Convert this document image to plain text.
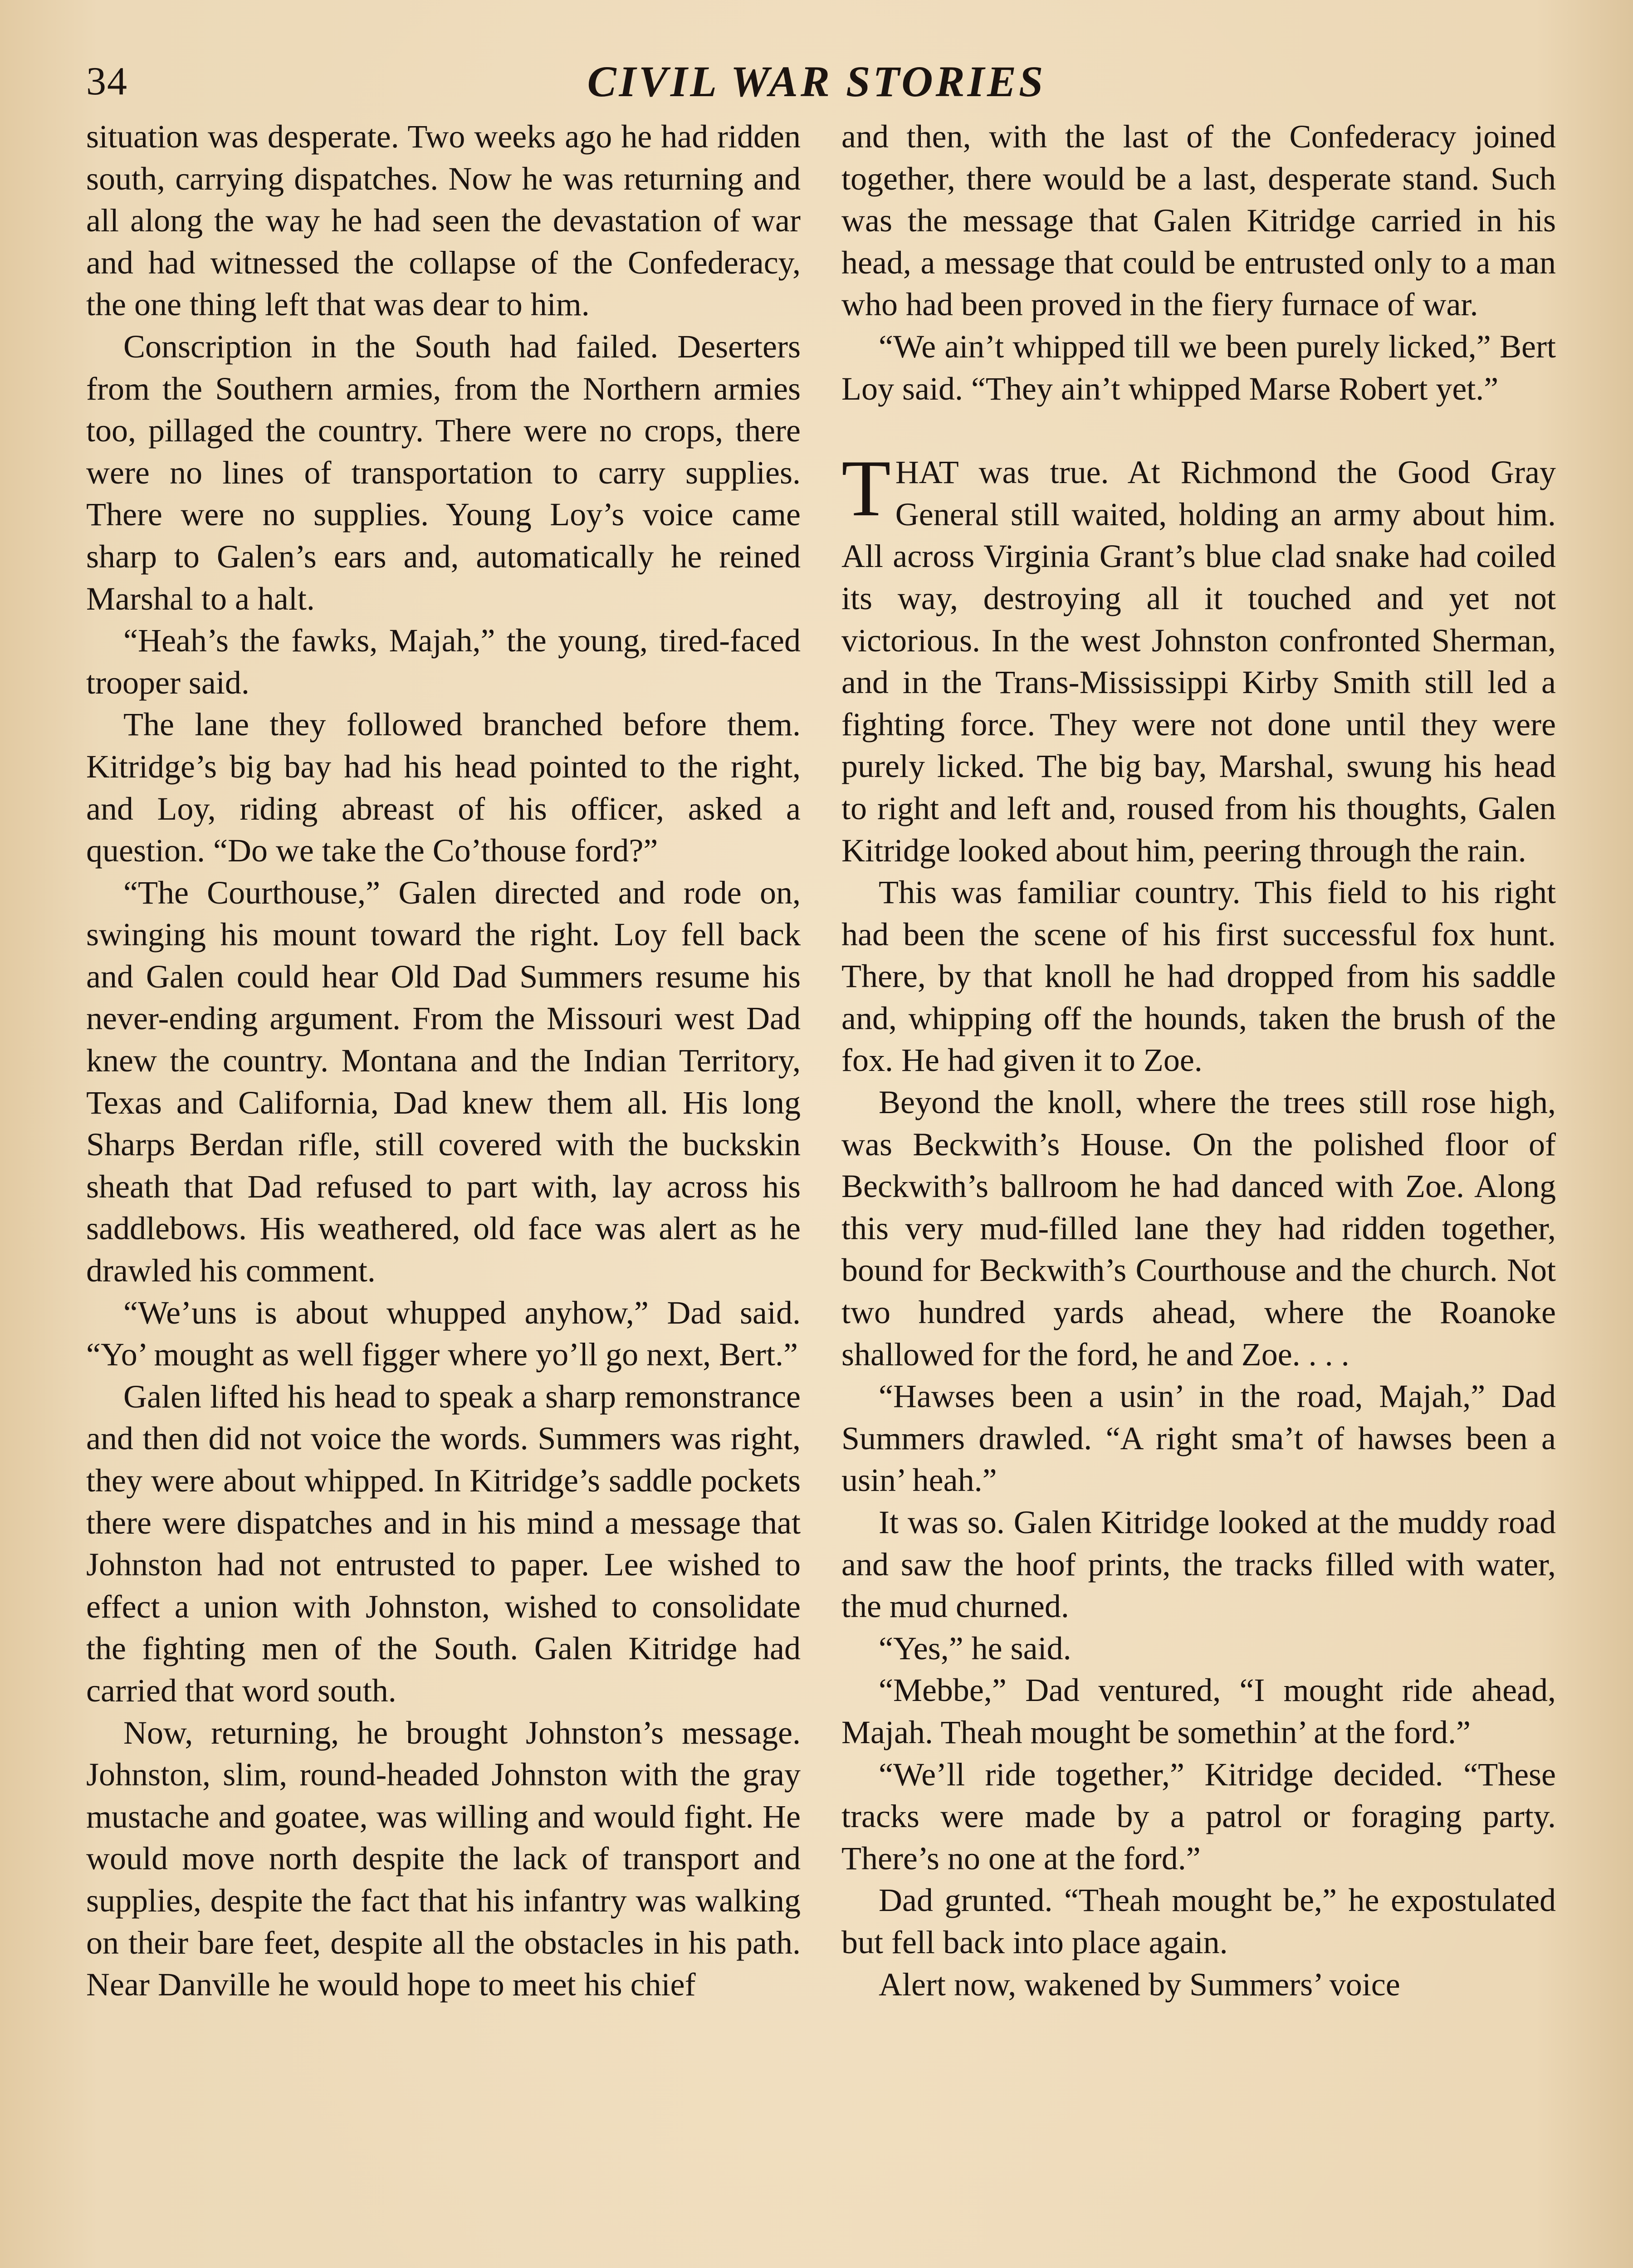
34	CIVIL WAR STORIES

situation was desperate. Two weeks ago he had ridden south, carrying dispatches. Now he was returning and all along the way he had seen the devastation of war and had witnessed the collapse of the Confederacy, the one thing left that was dear to him.

Conscription in the South had failed. Deserters from the Southern armies, from the Northern armies too, pillaged the country. There were no crops, there were no lines of transportation to carry supplies. There were no supplies. Young Loy’s voice came sharp to Galen’s ears and, automatically he reined Marshal to a halt.

“Heah’s the fawks, Majah,” the young, tired-faced trooper said.

The lane they followed branched before them. Kitridge’s big bay had his head pointed to the right, and Loy, riding abreast of his officer, asked a question. “Do we take the Co’thouse ford?”

“The Courthouse,” Galen directed and rode on, swinging his mount toward the right. Loy fell back and Galen could hear Old Dad Summers resume his never-ending argument. From the Missouri west Dad knew the country. Montana and the Indian Territory, Texas and California, Dad knew them all. His long Sharps Berdan rifle, still covered with the buckskin sheath that Dad refused to part with, lay across his saddlebows. His weathered, old face was alert as he drawled his comment.

“We’uns is about whupped anyhow,” Dad said. “Yo’ mought as well figger where yo’ll go next, Bert.”

Galen lifted his head to speak a sharp remonstrance and then did not voice the words. Summers was right, they were about whipped. In Kitridge’s saddle pockets there were dispatches and in his mind a message that Johnston had not entrusted to paper. Lee wished to effect a union with Johnston, wished to consolidate the fighting men of the South. Galen Kitridge had carried that word south.

Now, returning, he brought Johnston’s message. Johnston, slim, round-headed Johnston with the gray mustache and goatee, was willing and would fight. He would move north despite the lack of transport and supplies, despite the fact that his infantry was walking on their bare feet, despite all the obstacles in his path. Near Danville he would hope to meet his chief

and then, with the last of the Confederacy joined together, there would be a last, desperate stand. Such was the message that Galen Kitridge carried in his head, a message that could be entrusted only to a man who had been proved in the fiery furnace of war.

“We ain’t whipped till we been purely licked,” Bert Loy said. “They ain’t whipped Marse Robert yet.”

THAT was true. At Richmond the Good Gray General still waited, holding an army about him. All across Virginia Grant’s blue clad snake had coiled its way, destroying all it touched and yet not victorious. In the west Johnston confronted Sherman, and in the Trans-Mississippi Kirby Smith still led a fighting force. They were not done until they were purely licked. The big bay, Marshal, swung his head to right and left and, roused from his thoughts, Galen Kitridge looked about him, peering through the rain.

This was familiar country. This field to his right had been the scene of his first successful fox hunt. There, by that knoll he had dropped from his saddle and, whipping off the hounds, taken the brush of the fox. He had given it to Zoe.

Beyond the knoll, where the trees still rose high, was Beckwith’s House. On the polished floor of Beckwith’s ballroom he had danced with Zoe. Along this very mud-filled lane they had ridden together, bound for Beckwith’s Courthouse and the church. Not two hundred yards ahead, where the Roanoke shallowed for the ford, he and Zoe. . . .

“Hawses been a usin’ in the road, Majah,” Dad Summers drawled. “A right sma’t of hawses been a usin’ heah.”

It was so. Galen Kitridge looked at the muddy road and saw the hoof prints, the tracks filled with water, the mud churned.

“Yes,” he said.

“Mebbe,” Dad ventured, “I mought ride ahead, Majah. Theah mought be somethin’ at the ford.”

“We’ll ride together,” Kitridge decided. “These tracks were made by a patrol or foraging party. There’s no one at the ford.”

Dad grunted. “Theah mought be,” he expostulated but fell back into place again.

Alert now, wakened by Summers’ voice
